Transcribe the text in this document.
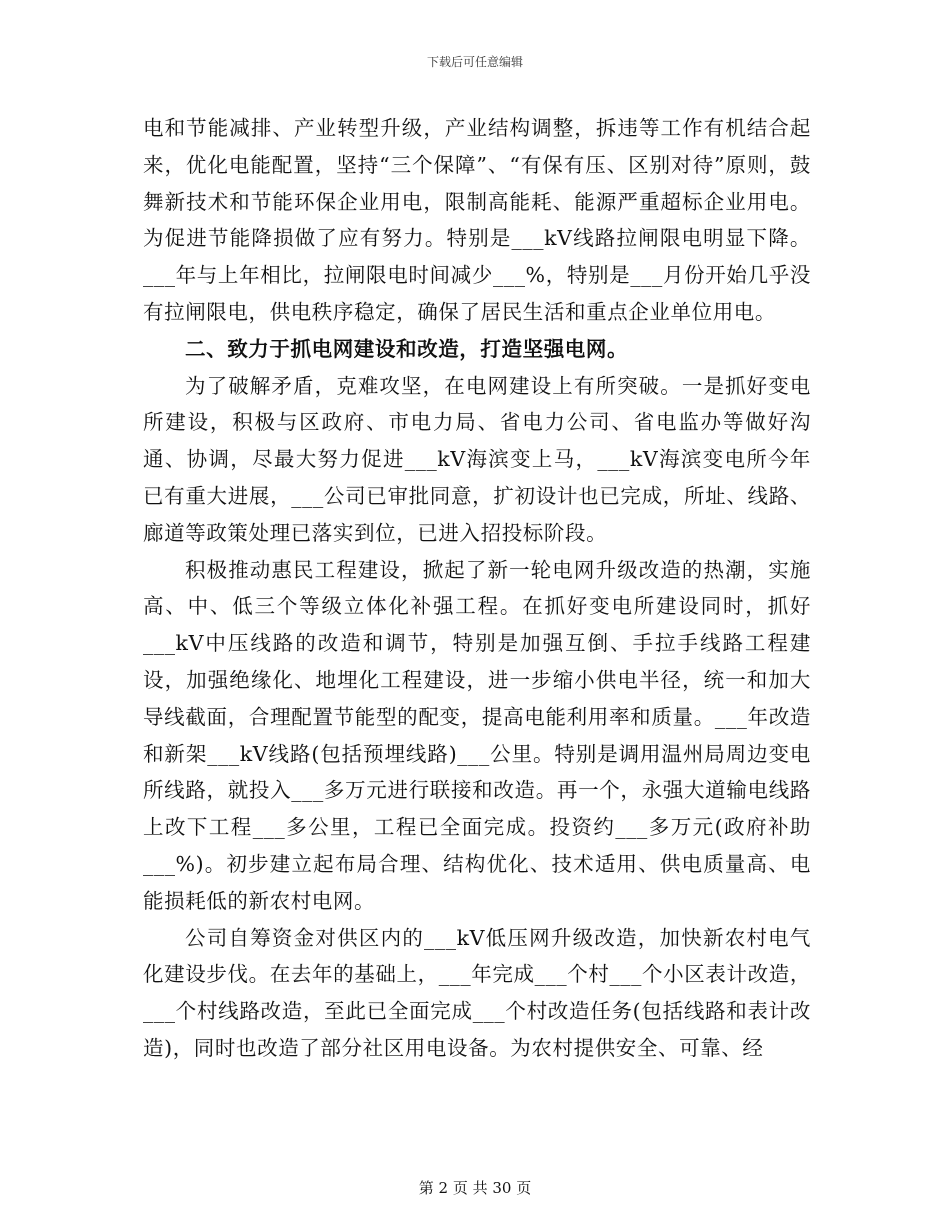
下载后可任意编辑

电和节能减排、产业转型升级，产业结构调整，拆违等工作有机结合起来，优化电能配置，坚持“三个保障”、“有保有压、区别对待”原则，鼓舞新技术和节能环保企业用电，限制高能耗、能源严重超标企业用电。为促进节能降损做了应有努力。特别是___kV线路拉闸限电明显下降。___年与上年相比，拉闸限电时间减少___%，特别是___月份开始几乎没有拉闸限电，供电秩序稳定，确保了居民生活和重点企业单位用电。

二、致力于抓电网建设和改造，打造坚强电网。

为了破解矛盾，克难攻坚，在电网建设上有所突破。一是抓好变电所建设，积极与区政府、市电力局、省电力公司、省电监办等做好沟通、协调，尽最大努力促进___kV海滨变上马，___kV海滨变电所今年已有重大进展，___公司已审批同意，扩初设计也已完成，所址、线路、廊道等政策处理已落实到位，已进入招投标阶段。

积极推动惠民工程建设，掀起了新一轮电网升级改造的热潮，实施高、中、低三个等级立体化补强工程。在抓好变电所建设同时，抓好___kV中压线路的改造和调节，特别是加强互倒、手拉手线路工程建设，加强绝缘化、地埋化工程建设，进一步缩小供电半径，统一和加大导线截面，合理配置节能型的配变，提高电能利用率和质量。___年改造和新架___kV线路(包括预埋线路)___公里。特别是调用温州局周边变电所线路，就投入___多万元进行联接和改造。再一个，永强大道输电线路上改下工程___多公里，工程已全面完成。投资约___多万元(政府补助___%)。初步建立起布局合理、结构优化、技术适用、供电质量高、电能损耗低的新农村电网。

公司自筹资金对供区内的___kV低压网升级改造，加快新农村电气化建设步伐。在去年的基础上，___年完成___个村___个小区表计改造，___个村线路改造，至此已全面完成___个村改造任务(包括线路和表计改造)，同时也改造了部分社区用电设备。为农村提供安全、可靠、经

第 2 页 共 30 页
